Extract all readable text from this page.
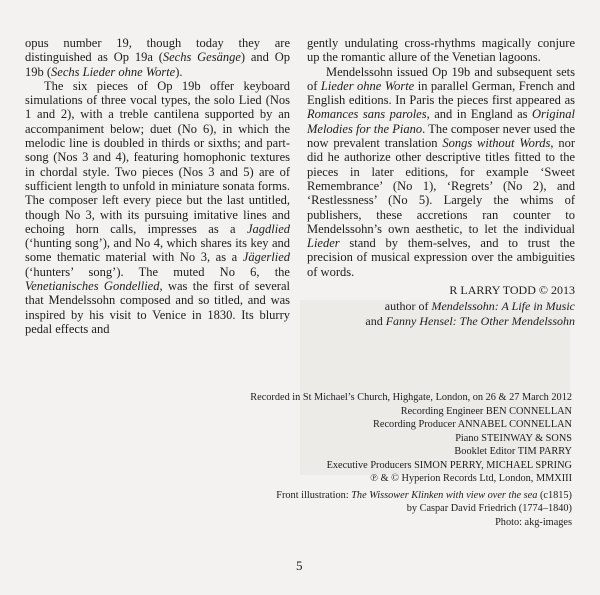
opus number 19, though today they are distinguished as Op 19a (Sechs Gesänge) and Op 19b (Sechs Lieder ohne Worte).
The six pieces of Op 19b offer keyboard simulations of three vocal types, the solo Lied (Nos 1 and 2), with a treble cantilena supported by an accompaniment below; duet (No 6), in which the melodic line is doubled in thirds or sixths; and part-song (Nos 3 and 4), featuring homophonic textures in chordal style. Two pieces (Nos 3 and 5) are of sufficient length to unfold in miniature sonata forms. The composer left every piece but the last untitled, though No 3, with its pursuing imitative lines and echoing horn calls, impresses as a Jagdlied (‘hunting song’), and No 4, which shares its key and some thematic material with No 3, as a Jägerlied (‘hunters’ song’). The muted No 6, the Venetianisches Gondellied, was the first of several that Mendelssohn composed and so titled, and was inspired by his visit to Venice in 1830. Its blurry pedal effects and
gently undulating cross-rhythms magically conjure up the romantic allure of the Venetian lagoons.
Mendelssohn issued Op 19b and subsequent sets of Lieder ohne Worte in parallel German, French and English editions. In Paris the pieces first appeared as Romances sans paroles, and in England as Original Melodies for the Piano. The composer never used the now prevalent translation Songs without Words, nor did he authorize other descriptive titles fitted to the pieces in later editions, for example ‘Sweet Remembrance’ (No 1), ‘Regrets’ (No 2), and ‘Restlessness’ (No 5). Largely the whims of publishers, these accretions ran counter to Mendelssohn’s own aesthetic, to let the individual Lieder stand by them-selves, and to trust the precision of musical expression over the ambiguities of words.
R LARRY TODD © 2013
author of Mendelssohn: A Life in Music
and Fanny Hensel: The Other Mendelssohn
Recorded in St Michael’s Church, Highgate, London, on 26 & 27 March 2012
Recording Engineer BEN CONNELLAN
Recording Producer ANNABEL CONNELLAN
Piano STEINWAY & SONS
Booklet Editor TIM PARRY
Executive Producers SIMON PERRY, MICHAEL SPRING
℗ & © Hyperion Records Ltd, London, MMXIII
Front illustration: The Wissower Klinken with view over the sea (c1815)
by Caspar David Friedrich (1774–1840)
Photo: akg-images
5
